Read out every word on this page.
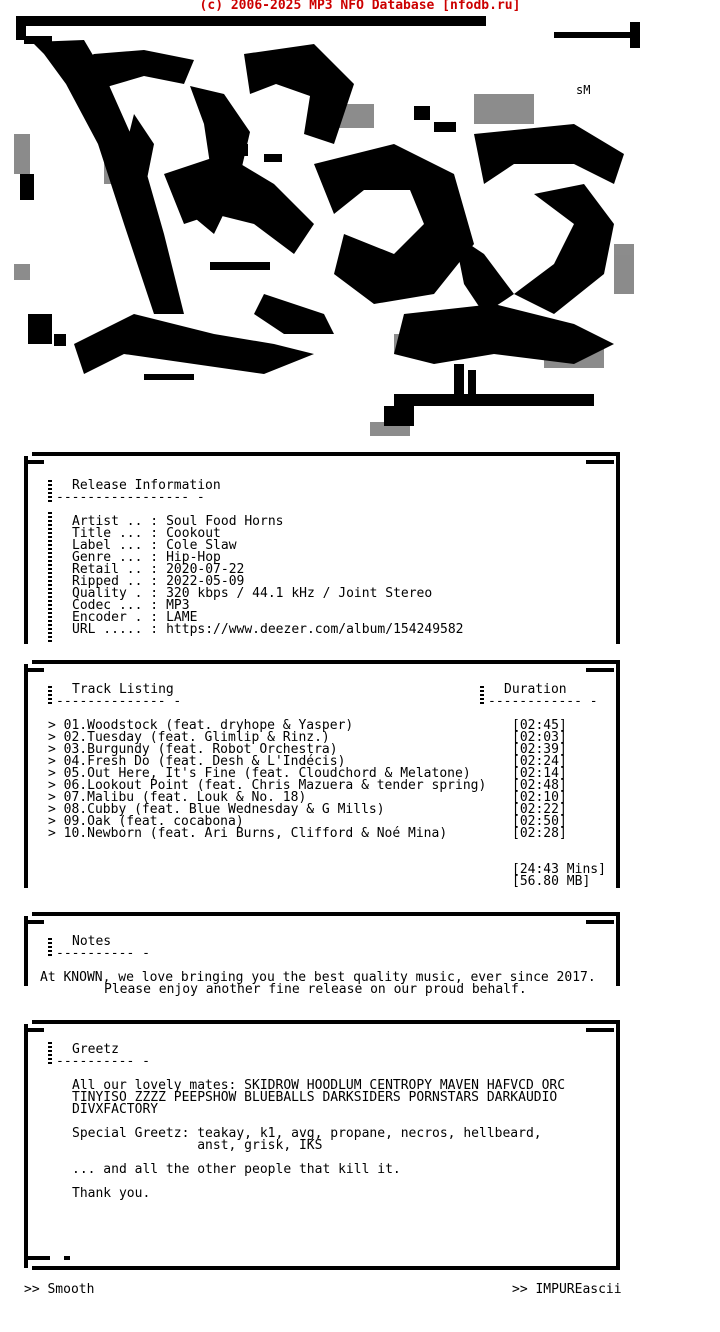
(c) 2006-2025 MP3 NFO Database [nfodb.ru]
sM
Release Information
----------------- -
Artist .. : Soul Food Horns
Title ... : Cookout
Label ... : Cole Slaw
Genre ... : Hip-Hop
Retail .. : 2020-07-22
Ripped .. : 2022-05-09
Quality . : 320 kbps / 44.1 kHz / Joint Stereo
Codec ... : MP3
Encoder . : LAME
URL ..... : https://www.deezer.com/album/154249582
Track Listing
-------------- -
Duration
------------ -
> 01.Woodstock (feat. dryhope & Yasper)	[02:45]
> 02.Tuesday (feat. Glimlip & Rinz.)	[02:03]
> 03.Burgundy (feat. Robot Orchestra)	[02:39]
> 04.Fresh Do (feat. Desh & L'Indécis)	[02:24]
> 05.Out Here, It's Fine (feat. Cloudchord & Melatone)	[02:14]
> 06.Lookout Point (feat. Chris Mazuera & tender spring) [02:48]
> 07.Malibu (feat. Louk & No. 18)	[02:10]
> 08.Cubby (feat. Blue Wednesday & G Mills)	[02:22]
> 09.Oak (feat. cocabona)	[02:50]
> 10.Newborn (feat. Ari Burns, Clifford & Noé Mina)	[02:28]
[24:43 Mins]
[56.80 MB]
Notes
---------- -
At KNOWN, we love bringing you the best quality music, ever since 2017.
Please enjoy another fine release on our proud behalf.
Greetz
---------- -
All our lovely mates: SKIDROW HOODLUM CENTROPY MAVEN HAFVCD ORC
TINYISO ZZZZ PEEPSHOW BLUEBALLS DARKSIDERS PORNSTARS DARKAUDIO
DIVXFACTORY
Special Greetz: teakay, k1, avg, propane, necros, hellbeard,
anst, grisk, IKS
... and all the other people that kill it.
Thank you.
>> Smooth	>> IMPUREascii
